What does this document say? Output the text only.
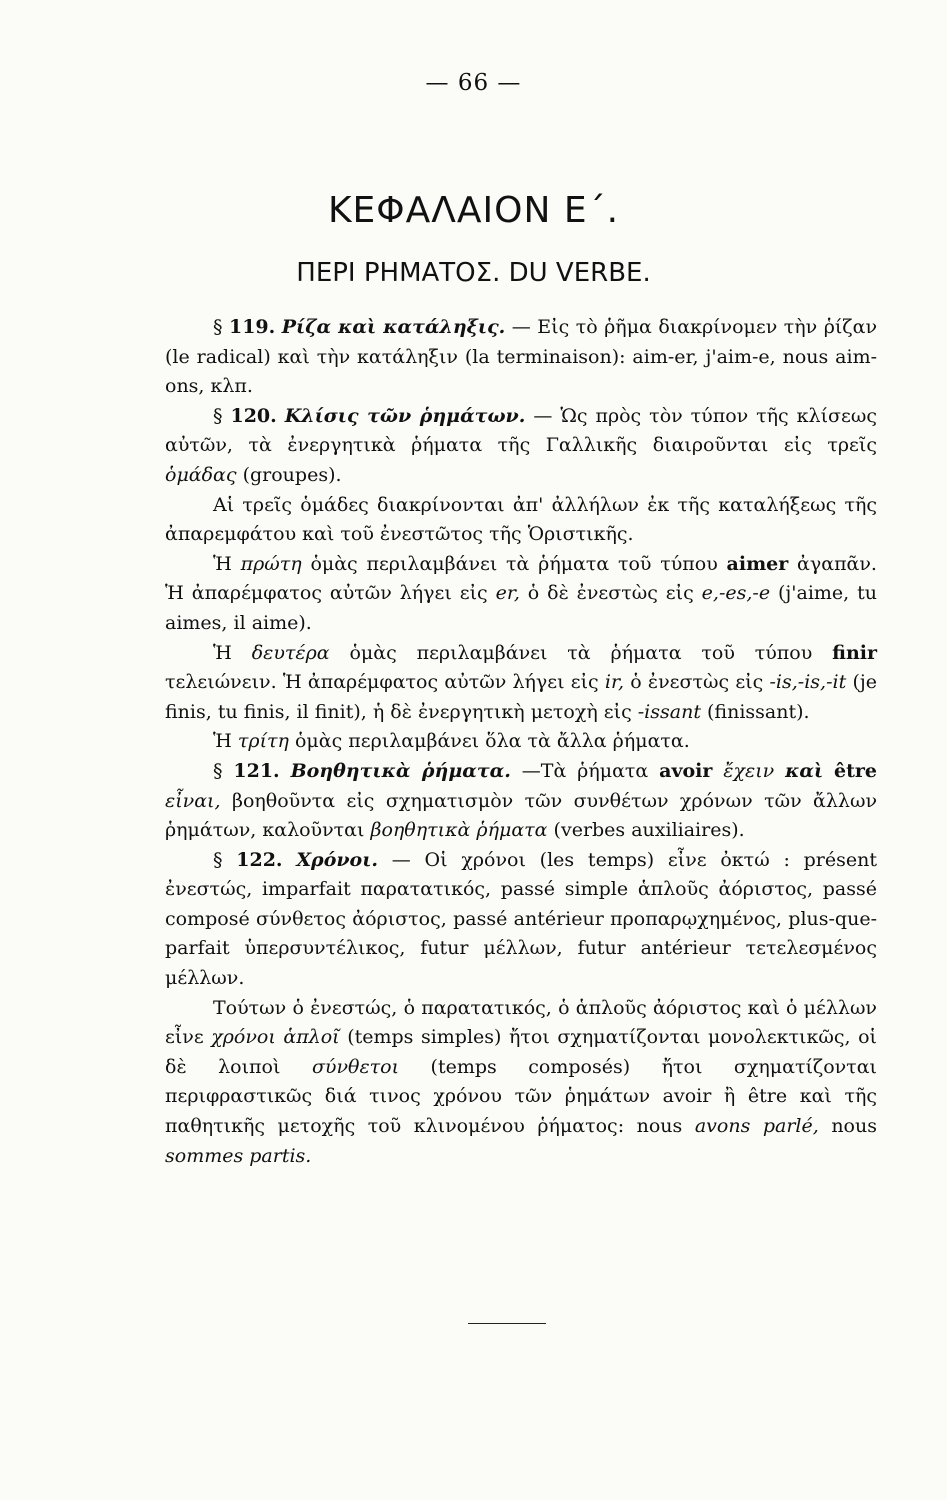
— 66 —
ΚΕΦΑΛΑΙΟΝ Ε΄.
ΠΕΡΙ ΡΗΜΑΤΟΣ. DU VERBE.

§ 119. Ρίζα καὶ κατάληξις. — Εἰς τὸ ῥῆμα διακρίνομεν τὴν ῥίζαν (le radical) καὶ τὴν κατάληξιν (la terminaison): aim-er, j'aim-e, nous aim-ons, κλπ.

§ 120. Κλίσις τῶν ῥημάτων. — Ὡς πρὸς τὸν τύπον τῆς κλίσεως αὐτῶν, τὰ ἐνεργητικὰ ῥήματα τῆς Γαλλικῆς διαιροῦνται εἰς τρεῖς ὁμάδας (groupes).

Αἱ τρεῖς ὁμάδες διακρίνονται ἀπ' ἀλλήλων ἐκ τῆς καταλήξεως τῆς ἀπαρεμφάτου καὶ τοῦ ἐνεστῶτος τῆς Ὁριστικῆς.

Ἡ πρώτη ὁμὰς περιλαμβάνει τὰ ῥήματα τοῦ τύπου aimer ἀγαπᾶν. Ἡ ἀπαρέμφατος αὐτῶν λήγει εἰς er, ὁ δὲ ἐνεστὼς εἰς e,-es,-e (j'aime, tu aimes, il aime).

Ἡ δευτέρα ὁμὰς περιλαμβάνει τὰ ῥήματα τοῦ τύπου finir τελειώνειν. Ἡ ἀπαρέμφατος αὐτῶν λήγει εἰς ir, ὁ ἐνεστὼς εἰς -is,-is,-it (je finis, tu finis, il finit), ἡ δὲ ἐνεργητικὴ μετοχὴ εἰς -issant (finissant).

Ἡ τρίτη ὁμὰς περιλαμβάνει ὅλα τὰ ἄλλα ῥήματα.

§ 121. Βοηθητικὰ ῥήματα. —Τὰ ῥήματα avoir ἔχειν καὶ être εἶναι, βοηθοῦντα εἰς σχηματισμὸν τῶν συνθέτων χρόνων τῶν ἄλλων ῥημάτων, καλοῦνται βοηθητικὰ ῥήματα (verbes auxiliaires).

§ 122. Χρόνοι. — Οἱ χρόνοι (les temps) εἶνε ὀκτώ : présent ἐνεστώς, imparfait παρατατικός, passé simple ἁπλοῦς ἀόριστος, passé composé σύνθετος ἀόριστος, passé antérieur προπαρῳχημένος, plus-que-parfait ὑπερσυντέλικος, futur μέλλων, futur antérieur τετελεσμένος μέλλων.

Τούτων ὁ ἐνεστώς, ὁ παρατατικός, ὁ ἁπλοῦς ἀόριστος καὶ ὁ μέλλων εἶνε χρόνοι ἁπλοῖ (temps simples) ἤτοι σχηματίζονται μονολεκτικῶς, οἱ δὲ λοιποὶ σύνθετοι (temps composés) ἤτοι σχηματίζονται περιφραστικῶς διά τινος χρόνου τῶν ῥημάτων avoir ἢ être καὶ τῆς παθητικῆς μετοχῆς τοῦ κλινομένου ῥήματος: nous avons parlé, nous sommes partis.
